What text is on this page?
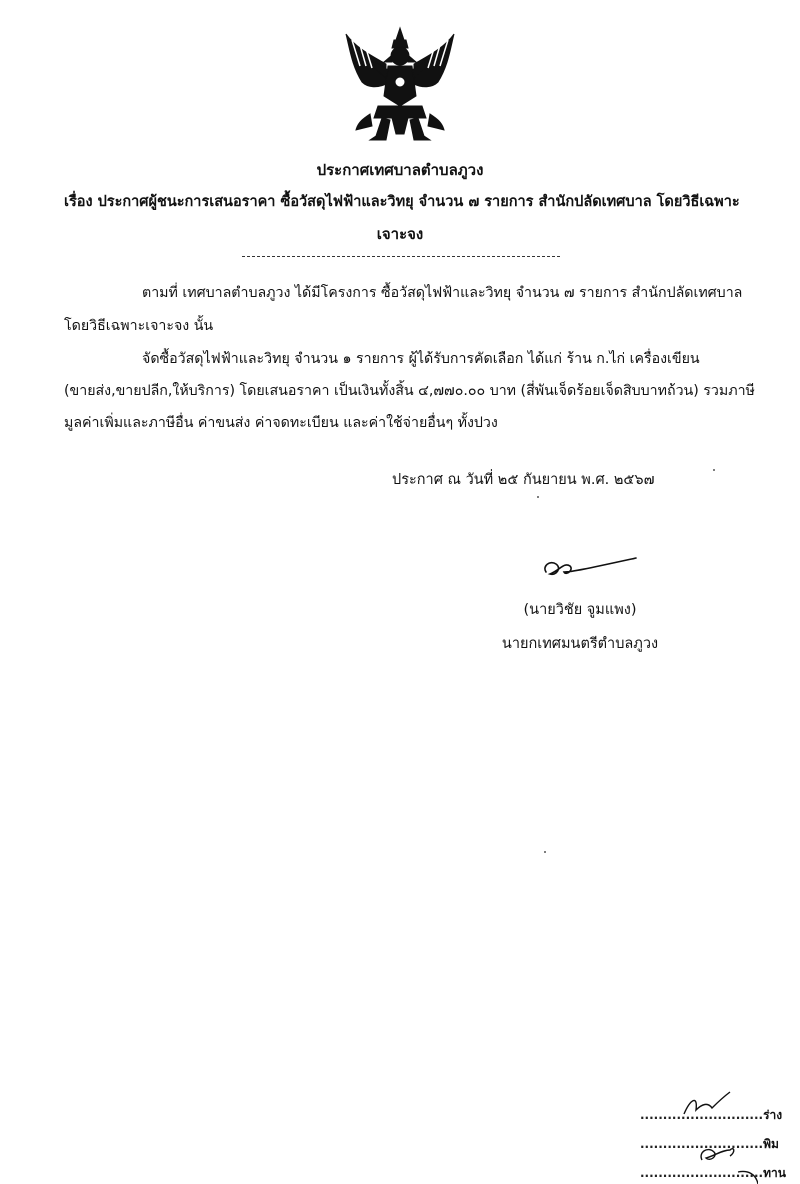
ประกาศเทศบาลตำบลภูวง
เรื่อง ประกาศผู้ชนะการเสนอราคา ซื้อวัสดุไฟฟ้าและวิทยุ จำนวน ๗ รายการ สำนักปลัดเทศบาล โดยวิธีเฉพาะ
เจาะจง
ตามที่ เทศบาลตำบลภูวง ได้มีโครงการ ซื้อวัสดุไฟฟ้าและวิทยุ จำนวน ๗ รายการ สำนักปลัดเทศบาล
โดยวิธีเฉพาะเจาะจง นั้น
จัดซื้อวัสดุไฟฟ้าและวิทยุ จำนวน ๑ รายการ ผู้ได้รับการคัดเลือก ได้แก่ ร้าน ก.ไก่ เครื่องเขียน
(ขายส่ง,ขายปลีก,ให้บริการ) โดยเสนอราคา เป็นเงินทั้งสิ้น ๔,๗๗๐.๐๐ บาท (สี่พันเจ็ดร้อยเจ็ดสิบบาทถ้วน) รวมภาษี
มูลค่าเพิ่มและภาษีอื่น ค่าขนส่ง ค่าจดทะเบียน และค่าใช้จ่ายอื่นๆ ทั้งปวง
ประกาศ ณ วันที่ ๒๕ กันยายน พ.ศ. ๒๕๖๗
(นายวิชัย จูมแพง)
นายกเทศมนตรีตำบลภูวง
...........................ร่าง
...........................พิม
...........................ทาน
